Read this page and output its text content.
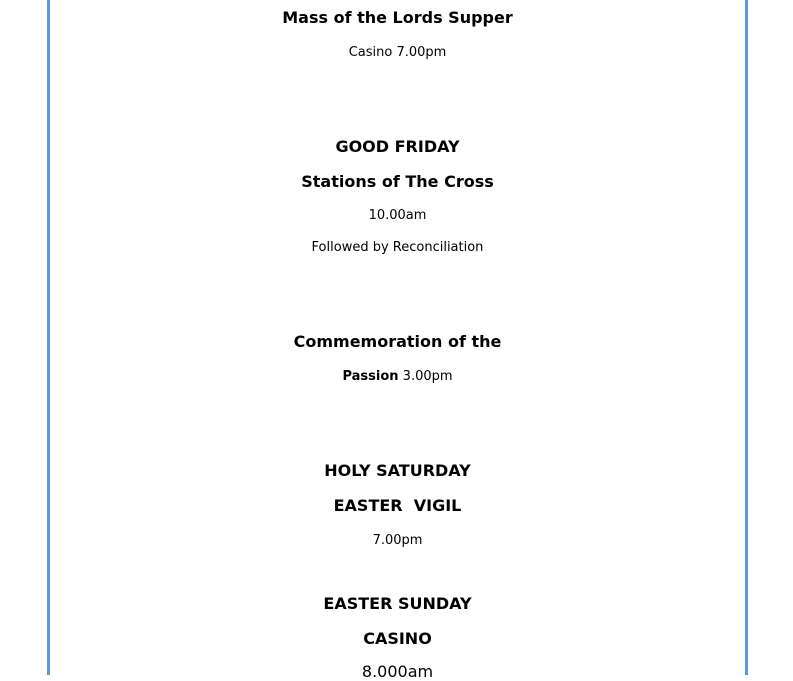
Mass of the Lords Supper
Casino 7.00pm
GOOD FRIDAY
Stations of The Cross
10.00am
Followed by Reconciliation
Commemoration of the
Passion 3.00pm
HOLY SATURDAY
EASTER  VIGIL
7.00pm
EASTER SUNDAY
CASINO
8.000am
